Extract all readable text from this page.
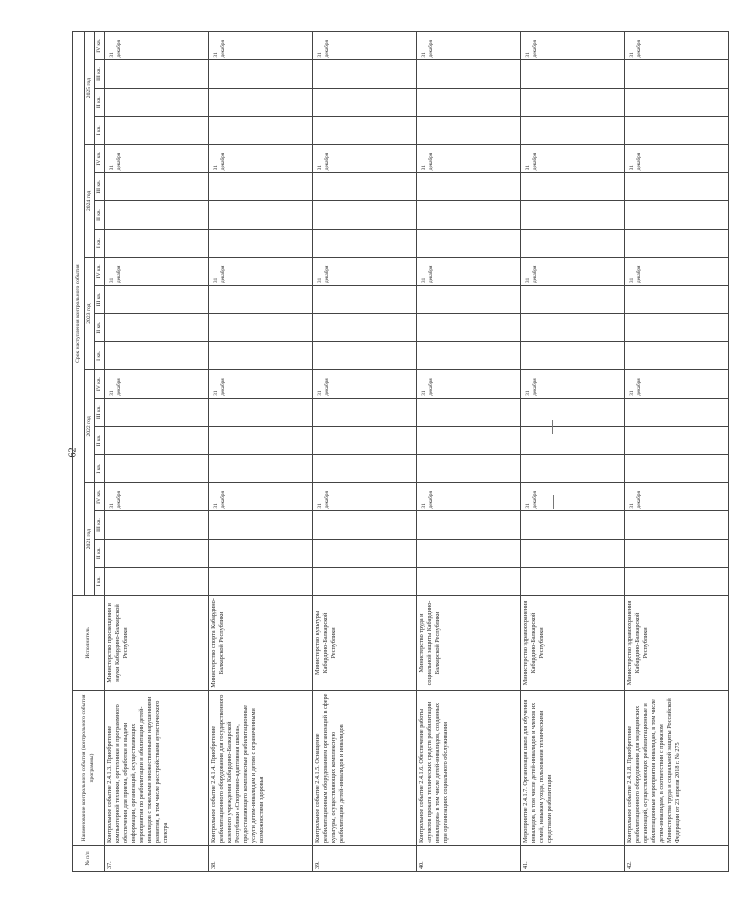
62
№ п/п	Наименование контрольного события (контрольного события программы)	Исполнитель	Срок наступления контрольного события																			
			2021 год				2022 год				2023 год				2024 год				2025 год			
			I кв.	II кв.	III кв.	IV кв.	I кв.	II кв.	III кв.	IV кв.	I кв.	II кв.	III кв.	IV кв.	I кв.	II кв.	III кв.	IV кв.	I кв.	II кв.	III кв.	IV кв.
37.	Контрольное событие 2.4.1.3. Приобретение компьютерной техники, оргтехники и программного обеспечения для приема, обработки и выдачи информации, организаций, осуществляющих мероприятия по реабилитации и абилитации детей-инвалидов с тяжелыми множественными нарушениями развития, в том числе расстройствами аутистического спектра	Министерство просвещения и науки Кабардино-Балкарской Республики				31 декабря				31 декабря				31 декабря				31 декабря				31 декабря
38.	Контрольное событие 2.4.1.4. Приобретение реабилитационного оборудования для государственного казенного учреждения Кабардино-Балкарской Республики «Спортивно-адаптивная школа», предоставляющего комплексные реабилитационные услуги детям-инвалидам и детям с ограниченными возможностями здоровья	Министерство спорта Кабардино-Балкарской Республики				31 декабря				31 декабря				31 декабря				31 декабря				31 декабря
39.	Контрольное событие 2.4.1.5. Оснащение реабилитационным оборудованием организаций в сфере культуры, осуществляющих комплексную реабилитацию детей-инвалидов и инвалидов	Министерство культуры Кабардино-Балкарской Республики				31 декабря				31 декабря				31 декабря				31 декабря				31 декабря
40.	Контрольное событие 2.4.1.6. Обеспечение работы «пунктов проката технических средств реабилитации инвалидов» в том числе детей-инвалидов, созданных при организациях социального обслуживания	Министерство труда и социальной защиты Кабардино-Балкарской Республики				31 декабря				31 декабря				31 декабря				31 декабря				31 декабря
41.	Мероприятие 2.4.1.7. Организация школ для обучения инвалидов, в том числе детей-инвалидов и членов их семей, навыкам ухода, пользования техническими средствами реабилитации	Министерство здравоохранения Кабардино-Балкарской Республики				31 декабря				31 декабря				31 декабря				31 декабря				31 декабря
42.	Контрольное событие 2.4.1.8. Приобретение реабилитационного оборудования для медицинских организаций, осуществляющих реабилитационные и абилитационные мероприятия инвалидам, в том числе детям-инвалидам, в соответствии с приказом Министерства труда и социальной защиты Российской Федерации от 23 апреля 2018 г. № 275	Министерство здравоохранения Кабардино-Балкарской Республики				31 декабря				31 декабря				31 декабря				31 декабря				31 декабря
